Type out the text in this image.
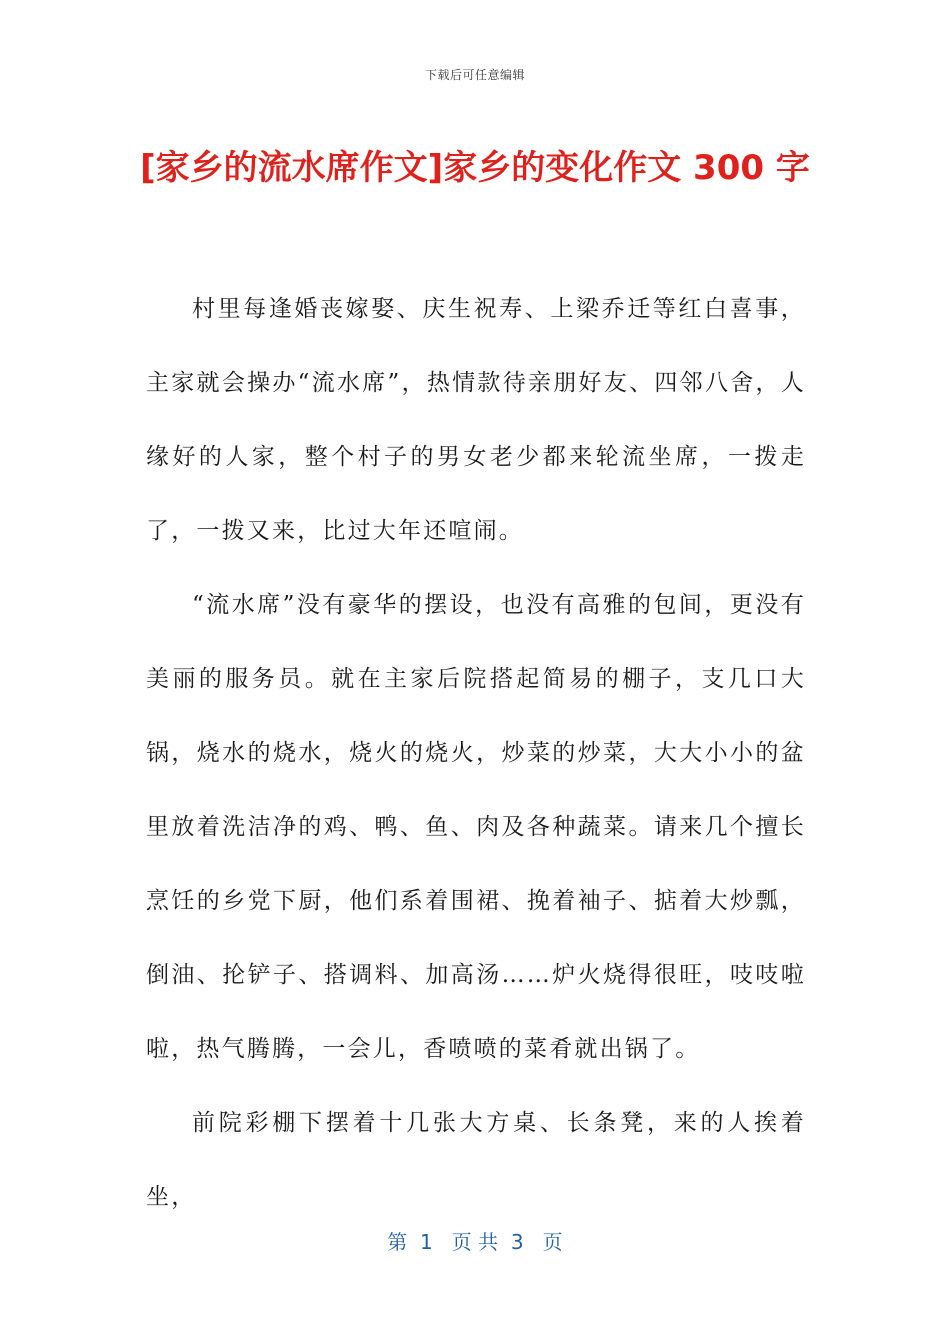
下载后可任意编辑
[家乡的流水席作文]家乡的变化作文 300 字

村里每逢婚丧嫁娶、庆生祝寿、上梁乔迁等红白喜事，主家就会操办“流水席”，热情款待亲朋好友、四邻八舍，人缘好的人家，整个村子的男女老少都来轮流坐席，一拨走了，一拨又来，比过大年还喧闹。

“流水席”没有豪华的摆设，也没有高雅的包间，更没有美丽的服务员。就在主家后院搭起简易的棚子，支几口大锅，烧水的烧水，烧火的烧火，炒菜的炒菜，大大小小的盆里放着洗洁净的鸡、鸭、鱼、肉及各种蔬菜。请来几个擅长烹饪的乡党下厨，他们系着围裙、挽着袖子、掂着大炒瓢，倒油、抡铲子、搭调料、加高汤……炉火烧得很旺，吱吱啦啦，热气腾腾，一会儿，香喷喷的菜肴就出锅了。

前院彩棚下摆着十几张大方桌、长条凳，来的人挨着坐，

第  1   页 共  3   页
